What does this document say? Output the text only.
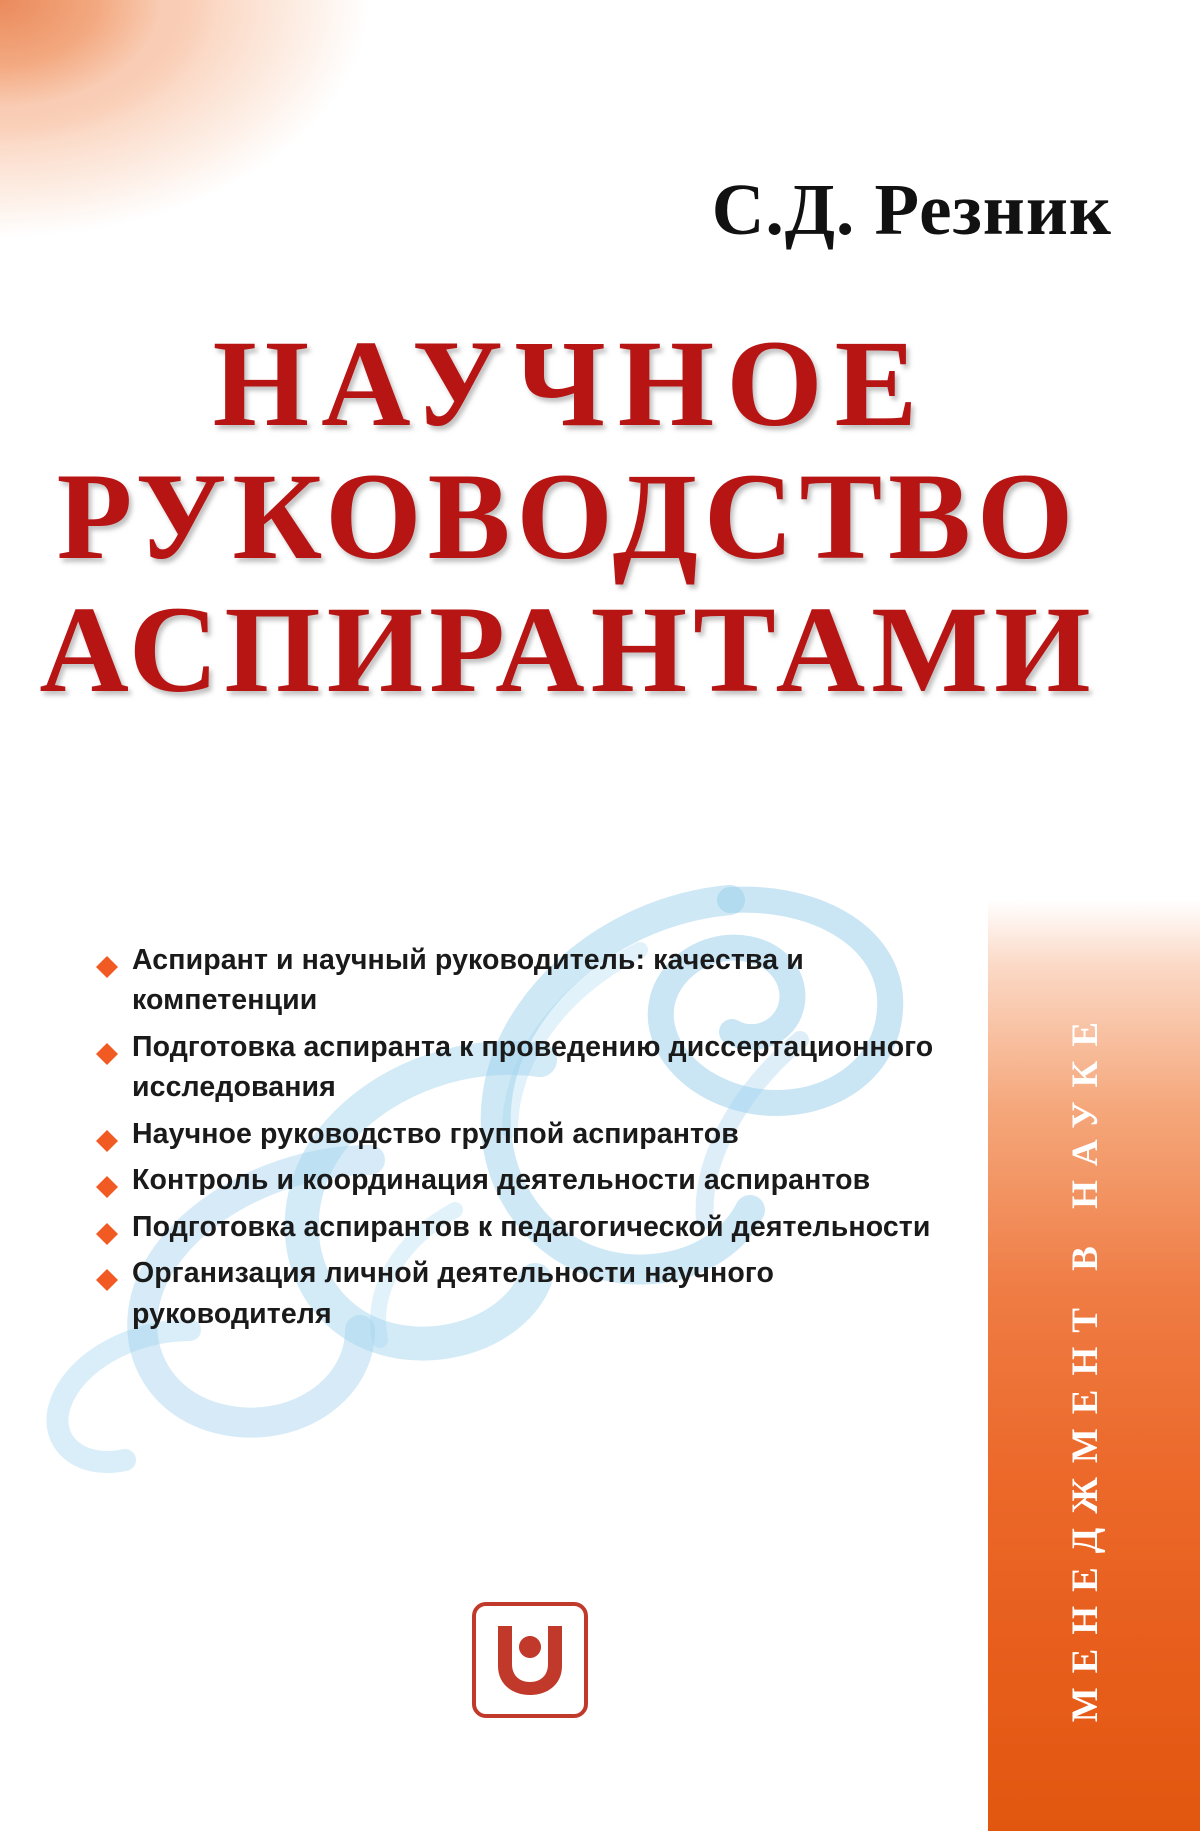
С.Д. Резник
НАУЧНОЕ
РУКОВОДСТВО
АСПИРАНТАМИ
Аспирант и научный руководитель: качества и компетенции
Подготовка аспиранта к проведению диссертационного исследования
Научное руководство группой аспирантов
Контроль и координация деятельности аспирантов
Подготовка аспирантов к педагогической деятельности
Организация личной деятельности научного руководителя	МЕНЕДЖМЕНТ В НАУКЕ
